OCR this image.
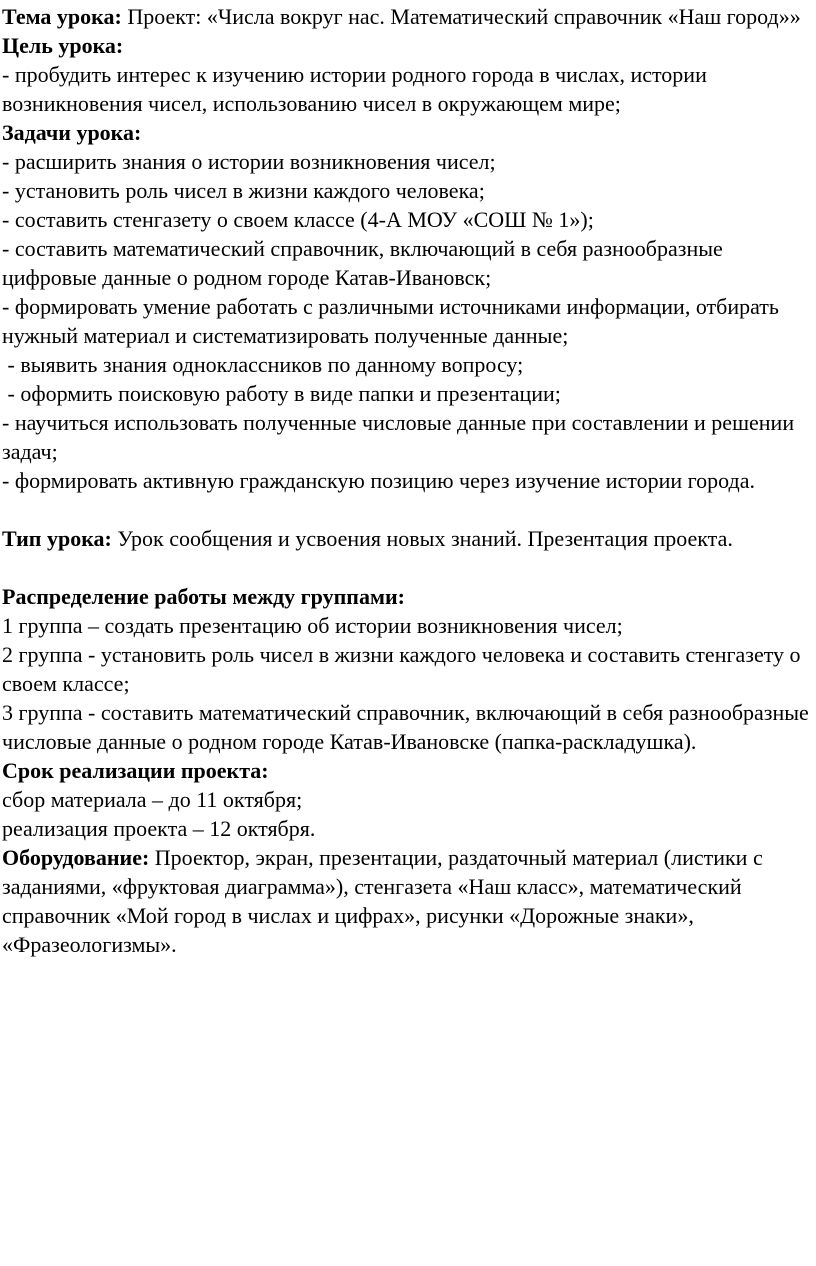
Тема урока: Проект: «Числа вокруг нас. Математический справочник «Наш город»»

Цель урока:

- пробудить интерес к изучению истории родного города в числах, истории возникновения чисел, использованию чисел в окружающем мире;

Задачи урока:

- расширить знания о истории возникновения чисел;

- установить роль чисел в жизни каждого человека;

- составить стенгазету о своем классе (4-А МОУ «СОШ № 1»);

- составить математический справочник, включающий в себя разнообразные цифровые данные о родном городе Катав-Ивановск;

- формировать умение работать с различными источниками информации, отбирать нужный материал и систематизировать полученные данные;

- выявить знания одноклассников по данному вопросу;

- оформить поисковую работу в виде папки и презентации;

- научиться использовать полученные числовые данные при составлении и решении задач;

- формировать активную гражданскую позицию через изучение истории города.

Тип урока: Урок сообщения и усвоения новых знаний. Презентация проекта.

Распределение работы между группами:

1 группа – создать презентацию об истории возникновения чисел;

2 группа - установить роль чисел в жизни каждого человека и составить стенгазету о своем классе;

3 группа - составить математический справочник, включающий в себя разнообразные числовые данные о родном городе Катав-Ивановске (папка-раскладушка).

Срок реализации проекта:

сбор материала – до 11 октября;

реализация проекта – 12 октября.

Оборудование: Проектор, экран, презентации, раздаточный материал (листики с заданиями, «фруктовая диаграмма»), стенгазета «Наш класс», математический справочник «Мой город в числах и цифрах», рисунки «Дорожные знаки», «Фразеологизмы».
